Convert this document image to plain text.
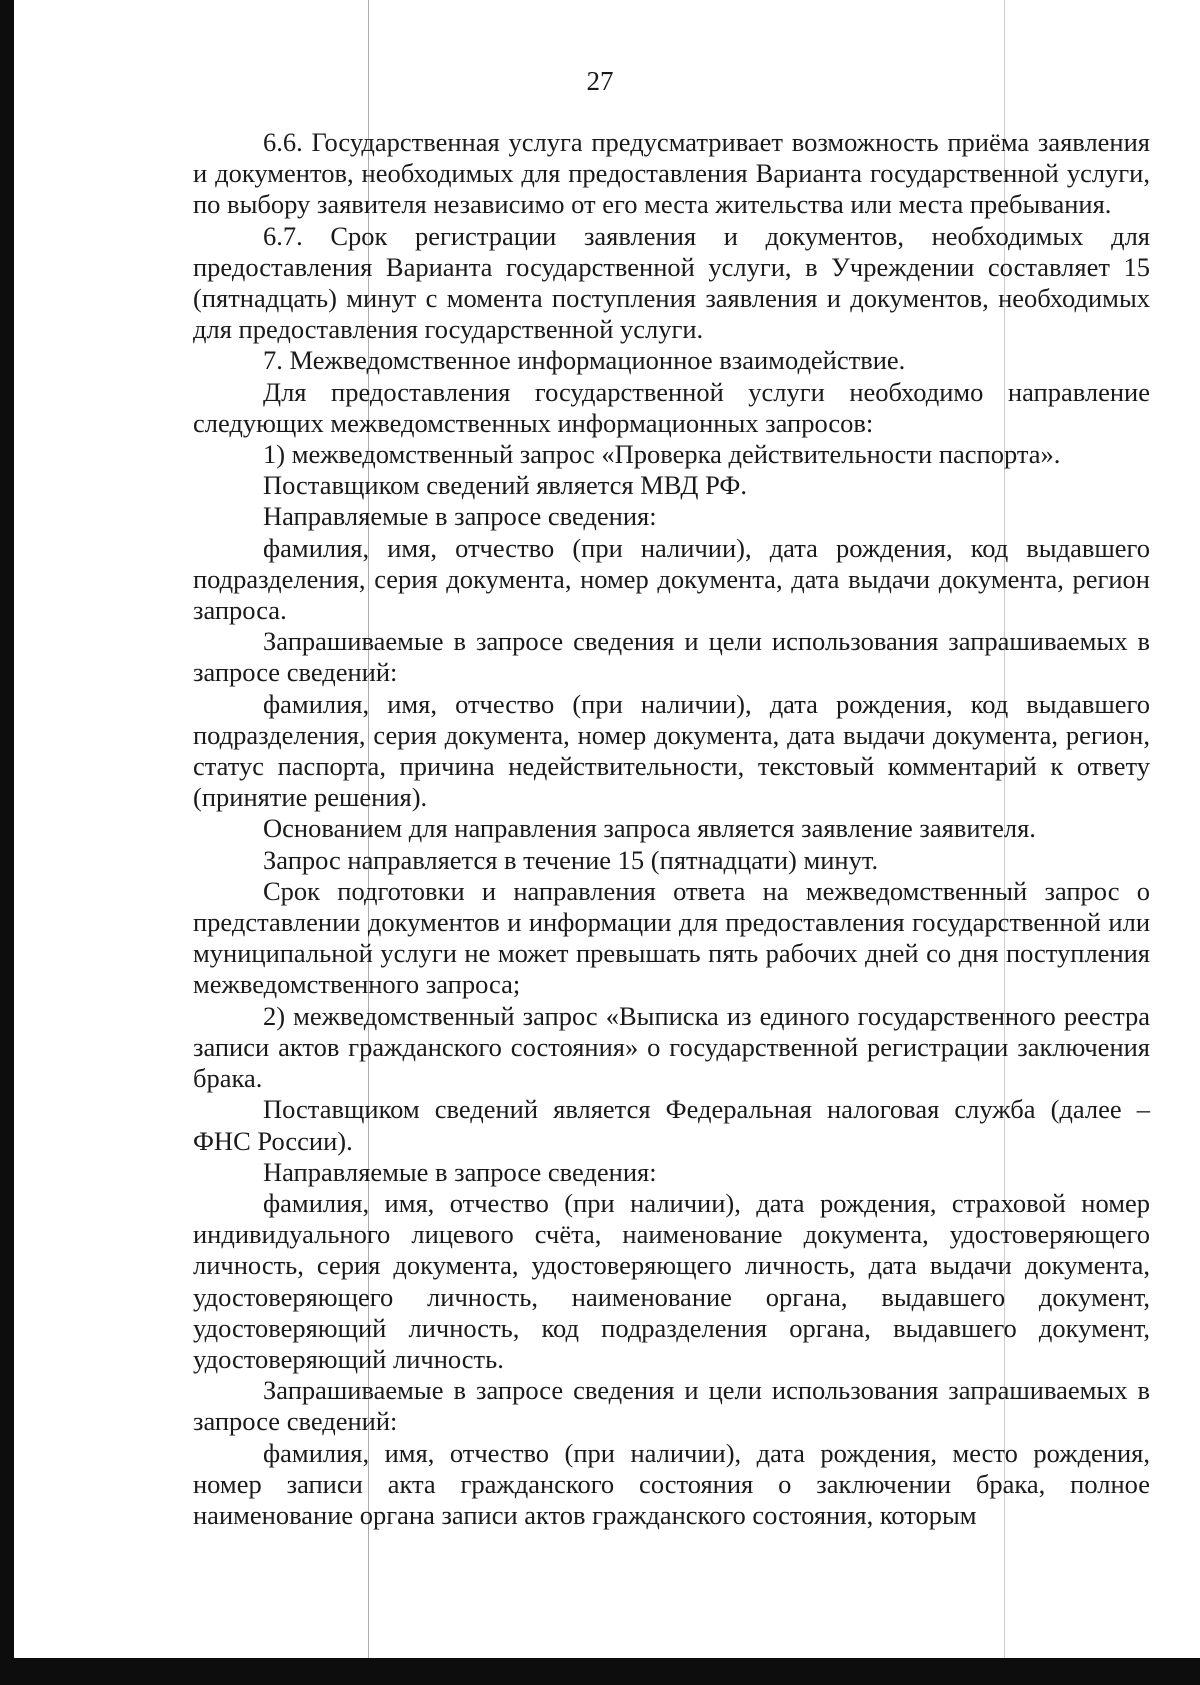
27

6.6. Государственная услуга предусматривает возможность приёма заявления и документов, необходимых для предоставления Варианта государственной услуги, по выбору заявителя независимо от его места жительства или места пребывания.

6.7. Срок регистрации заявления и документов, необходимых для предоставления Варианта государственной услуги, в Учреждении составляет 15 (пятнадцать) минут с момента поступления заявления и документов, необходимых для предоставления государственной услуги.

7. Межведомственное информационное взаимодействие.

Для предоставления государственной услуги необходимо направление следующих межведомственных информационных запросов:

1) межведомственный запрос «Проверка действительности паспорта».

Поставщиком сведений является МВД РФ.

Направляемые в запросе сведения:

фамилия, имя, отчество (при наличии), дата рождения, код выдавшего подразделения, серия документа, номер документа, дата выдачи документа, регион запроса.

Запрашиваемые в запросе сведения и цели использования запрашиваемых в запросе сведений:

фамилия, имя, отчество (при наличии), дата рождения, код выдавшего подразделения, серия документа, номер документа, дата выдачи документа, регион, статус паспорта, причина недействительности, текстовый комментарий к ответу (принятие решения).

Основанием для направления запроса является заявление заявителя.

Запрос направляется в течение 15 (пятнадцати) минут.

Срок подготовки и направления ответа на межведомственный запрос о представлении документов и информации для предоставления государственной или муниципальной услуги не может превышать пять рабочих дней со дня поступления межведомственного запроса;

2) межведомственный запрос «Выписка из единого государственного реестра записи актов гражданского состояния» о государственной регистрации заключения брака.

Поставщиком сведений является Федеральная налоговая служба (далее – ФНС России).

Направляемые в запросе сведения:

фамилия, имя, отчество (при наличии), дата рождения, страховой номер индивидуального лицевого счёта, наименование документа, удостоверяющего личность, серия документа, удостоверяющего личность, дата выдачи документа, удостоверяющего личность, наименование органа, выдавшего документ, удостоверяющий личность, код подразделения органа, выдавшего документ, удостоверяющий личность.

Запрашиваемые в запросе сведения и цели использования запрашиваемых в запросе сведений:

фамилия, имя, отчество (при наличии), дата рождения, место рождения, номер записи акта гражданского состояния о заключении брака, полное наименование органа записи актов гражданского состояния, которым
